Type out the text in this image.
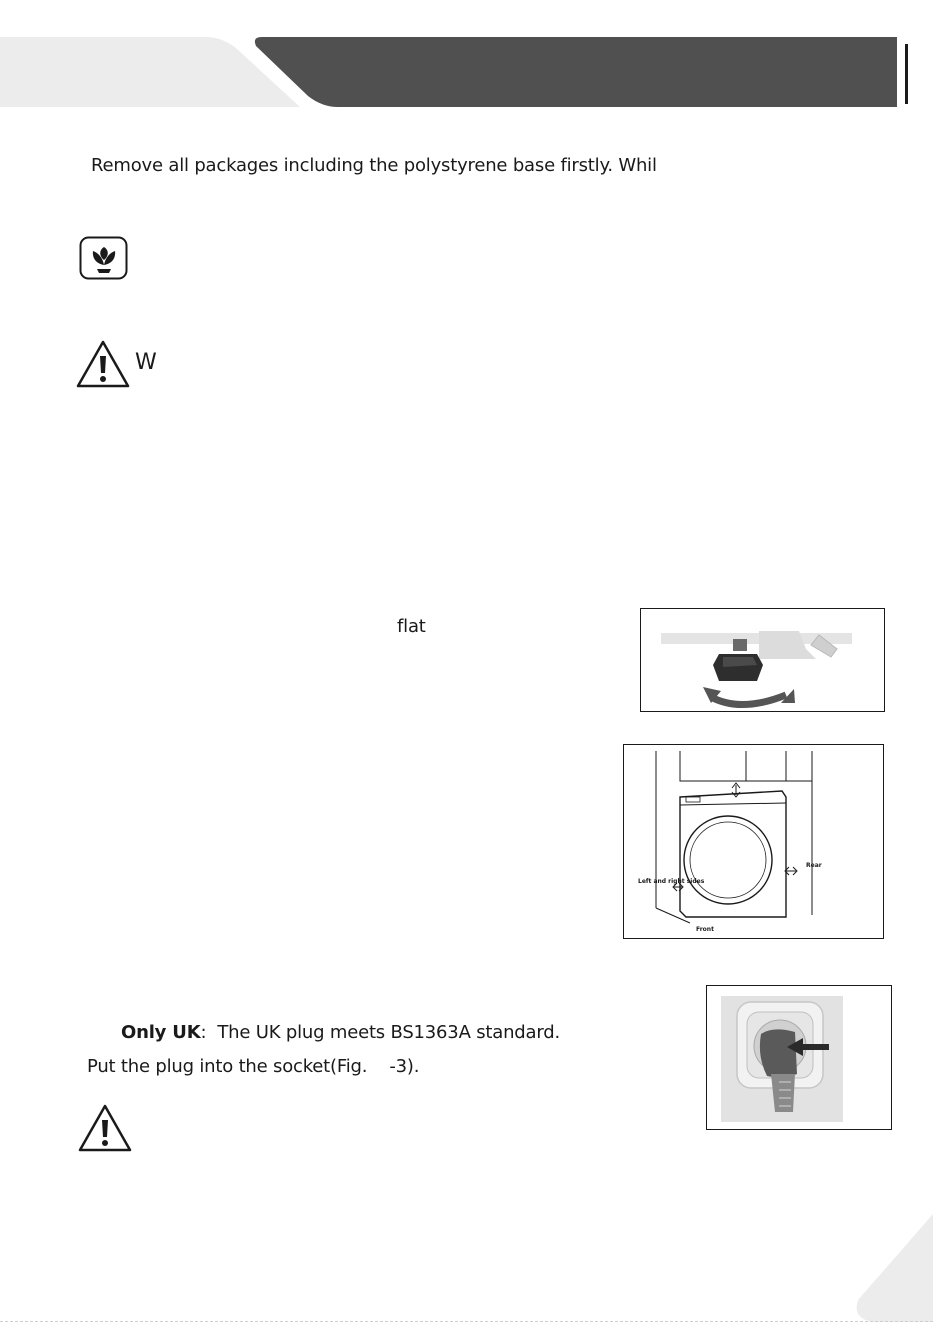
Remove all packages including the polystyrene base firstly. Whil
W
flat
Left and right sides
Rear
Front
Only UK: The UK plug meets BS1363A standard.
Put the plug into the socket(Fig.    -3).
